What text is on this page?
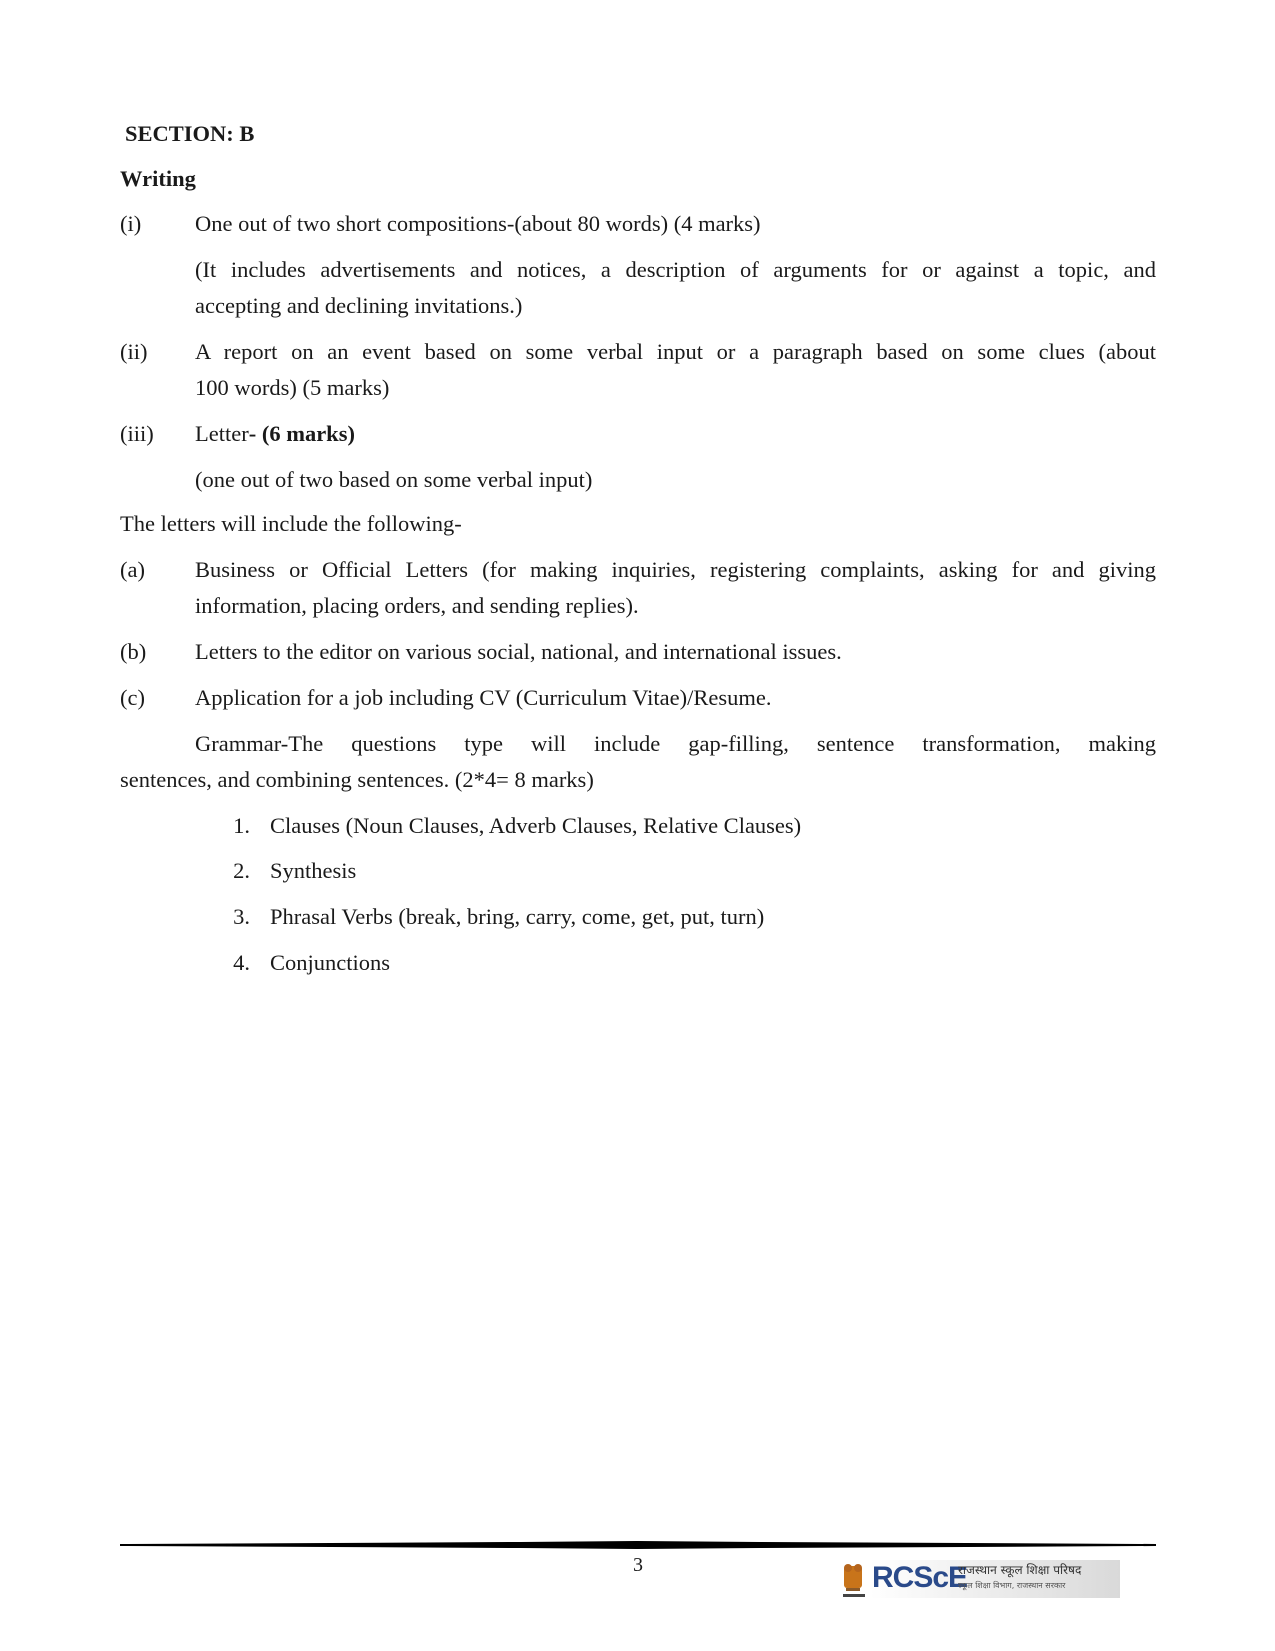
SECTION: B
Writing
(i) One out of two short compositions-(about 80 words) (4 marks)
(It includes advertisements and notices, a description of arguments for or against a topic, and
accepting and declining invitations.)
(ii) A report on an event based on some verbal input or a paragraph based on some clues (about
100 words) (5 marks)
(iii) Letter- (6 marks)
(one out of two based on some verbal input)
The letters will include the following-
(a) Business or Official Letters (for making inquiries, registering complaints, asking for and giving
information, placing orders, and sending replies).
(b) Letters to the editor on various social, national, and international issues.
(c) Application for a job including CV (Curriculum Vitae)/Resume.
Grammar-The questions type will include gap-filling, sentence transformation, making
sentences, and combining sentences. (2*4= 8 marks)
1. Clauses (Noun Clauses, Adverb Clauses, Relative Clauses)
2. Synthesis
3. Phrasal Verbs (break, bring, carry, come, get, put, turn)
4. Conjunctions
3	RCScE
राजस्थान स्कूल शिक्षा परिषद
स्कूल शिक्षा विभाग, राजस्थान सरकार
